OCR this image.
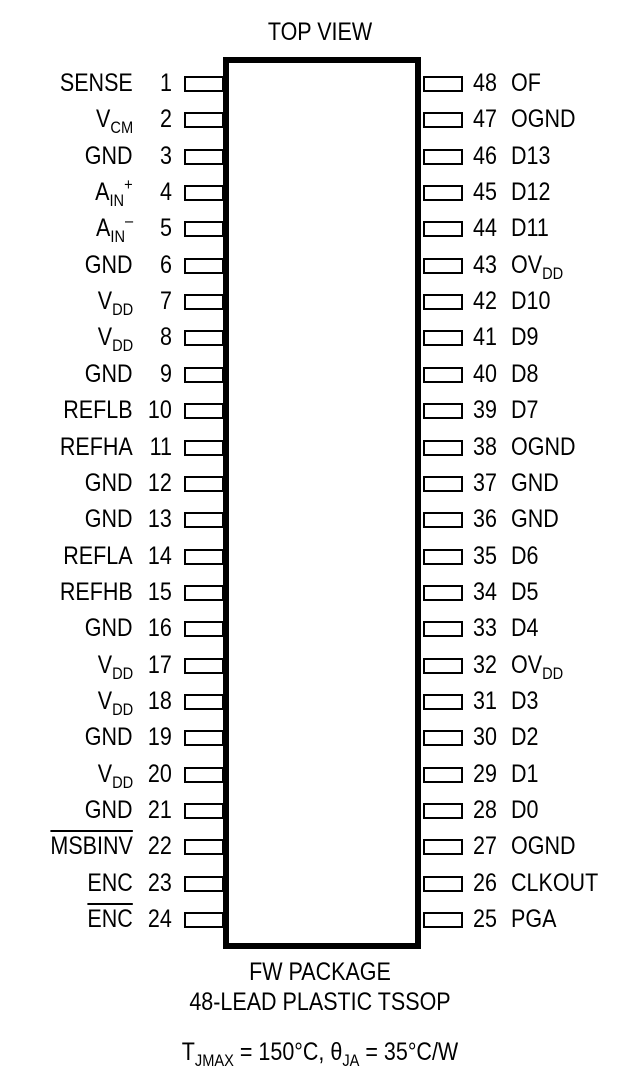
TOP VIEW
1
SENSE
2
$V_{CM}$
3
GND
4
$A_{IN}^+$
5
$A_{IN}^-$
6
GND
7
$V_{DD}$
8
$V_{DD}$
9
GND
10
REFLB
11
REFHA
12
GND
13
GND
14
REFLA
15
REFHB
16
GND
17
$V_{DD}$
18
$V_{DD}$
19
GND
20
$V_{DD}$
21
GND
22
MSBINV
23
ENC
24
$\overline{ENC}$
48 OF
47 OGND
46 D13
45 D12
44 D11
43 $OV_{DD}$
42 D10
41 D9
40 D8
39 D7
38 OGND
37 GND
36 GND
35 D6
34 D5
33 D4
32 $OV_{DD}$
31 D3
30 D2
29 D1
28 D0
27 OGND
26 CLKOUT
25 PGA
FW PACKAGE
48-LEAD PLASTIC TSSOP
$T_{JMAX} = 150^\circ C$, $\theta_{JA} = 35^\circ C/W$
